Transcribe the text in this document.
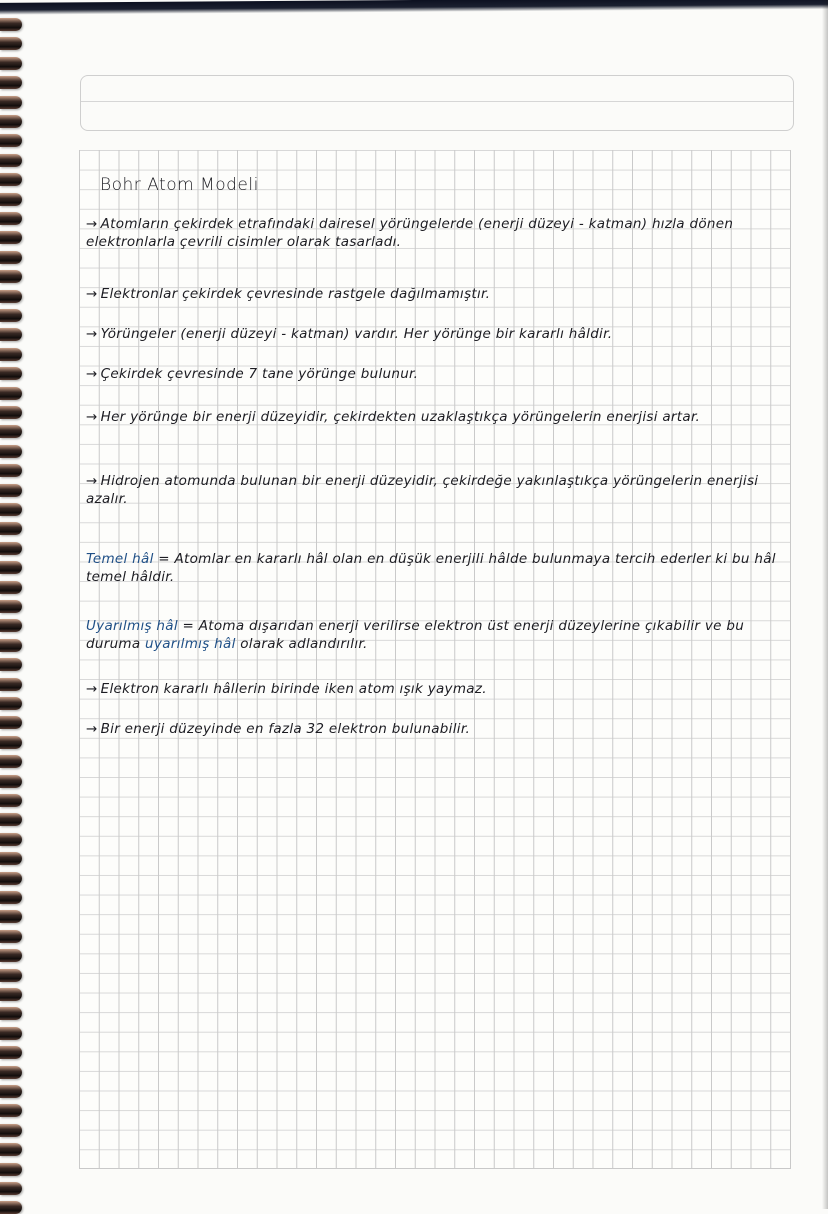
Bohr Atom Modeli
→ Atomların çekirdek etrafındaki dairesel yörüngelerde (enerji düzeyi - katman) hızla dönen elektronlarla çevrili cisimler olarak tasarladı.
→ Elektronlar çekirdek çevresinde rastgele dağılmamıştır.
→ Yörüngeler (enerji düzeyi - katman) vardır. Her yörünge bir kararlı hâldir.
→ Çekirdek çevresinde 7 tane yörünge bulunur.
→ Her yörünge bir enerji düzeyidir, çekirdekten uzaklaştıkça yörüngelerin enerjisi artar.
→ Hidrojen atomunda bulunan bir enerji düzeyidir, çekirdeğe yakınlaştıkça yörüngelerin enerjisi azalır.
Temel hâl = Atomlar en kararlı hâl olan en düşük enerjili hâlde bulunmaya tercih ederler ki bu hâl temel hâldir.
Uyarılmış hâl = Atoma dışarıdan enerji verilirse elektron üst enerji düzeylerine çıkabilir ve bu duruma uyarılmış hâl olarak adlandırılır.
→ Elektron kararlı hâllerin birinde iken atom ışık yaymaz.
→ Bir enerji düzeyinde en fazla 32 elektron bulunabilir.
